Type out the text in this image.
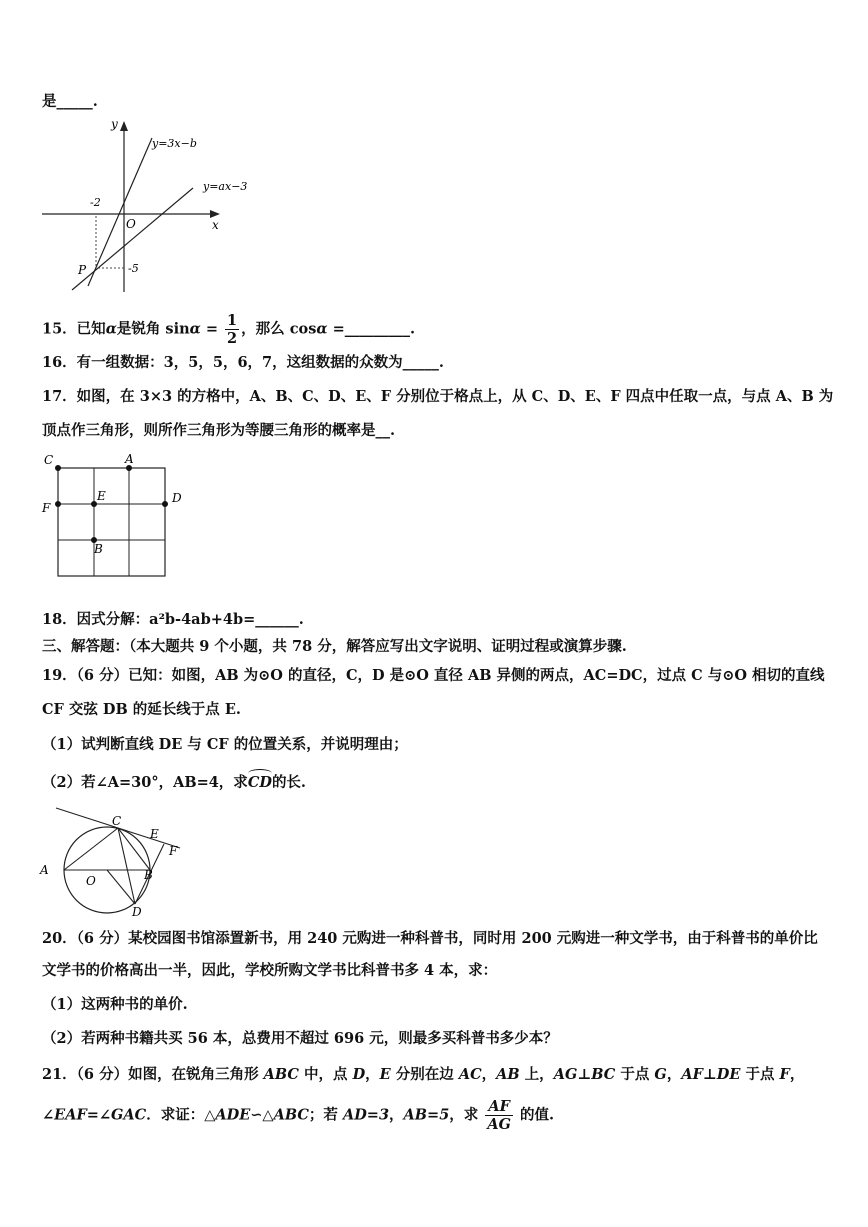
是_____.
y
x
y=3x−b
y=ax−3
-2
-5
O
P
15．已知α是锐角 $\sin\alpha = \frac{1}{2}$ ，那么 cosα =_________.
16．有一组数据：3，5，5，6，7，这组数据的众数为_____.
17．如图，在 3×3 的方格中，A、B、C、D、E、F 分别位于格点上，从 C、D、E、F 四点中任取一点，与点 A、B 为
顶点作三角形，则所作三角形为等腰三角形的概率是__.
C	A
F
E	D
B
18．因式分解：a²b-4ab+4b=______.
三、解答题：（本大题共 9 个小题，共 78 分，解答应写出文字说明、证明过程或演算步骤.
19．（6 分）已知：如图，AB 为⊙O 的直径，C，D 是⊙O 直径 AB 异侧的两点，AC=DC，过点 C 与⊙O 相切的直线
CF 交弦 DB 的延长线于点 E.
（1）试判断直线 DE 与 CF 的位置关系，并说明理由；
（2）若∠A=30°，AB=4，求CD的长.
C
E
F
A
O	B
D
20．（6 分）某校园图书馆添置新书，用 240 元购进一种科普书，同时用 200 元购进一种文学书，由于科普书的单价比
文学书的价格高出一半，因此，学校所购文学书比科普书多 4 本，求：
（1）这两种书的单价.
（2）若两种书籍共买 56 本，总费用不超过 696 元，则最多买科普书多少本？
21．（6 分）如图，在锐角三角形 ABC 中，点 D，E 分别在边 AC，AB 上，AG⊥BC 于点 G，AF⊥DE 于点 F，
∠EAF=∠GAC．求证：△ADE∽△ABC；若 AD=3，AB=5，求 $\frac{AF}{AG}$ 的值.
